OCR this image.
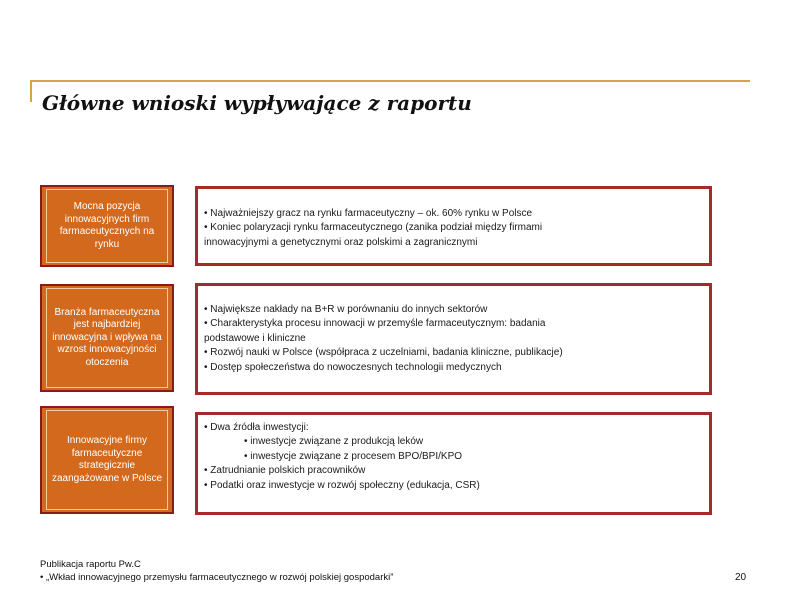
Główne wnioski wypływające z raportu
Mocna pozycja innowacyjnych firm farmaceutycznych na rynku
• Najważniejszy gracz na rynku farmaceutyczny – ok. 60% rynku w Polsce
• Koniec polaryzacji rynku farmaceutycznego (zanika podział między firmami
innowacyjnymi a genetycznymi oraz polskimi a zagranicznymi
Branża farmaceutyczna jest najbardziej innowacyjna i wpływa na wzrost innowacyjności otoczenia
• Największe nakłady na B+R w porównaniu do innych sektorów
• Charakterystyka procesu innowacji w przemyśle farmaceutycznym: badania
podstawowe i kliniczne
• Rozwój nauki w Polsce (współpraca z uczelniami, badania kliniczne, publikacje)
• Dostęp społeczeństwa do nowoczesnych technologii medycznych
Innowacyjne firmy farmaceutyczne strategicznie zaangażowane w Polsce
• Dwa źródła inwestycji:
• inwestycje związane z produkcją leków
• inwestycje związane z procesem BPO/BPI/KPO
• Zatrudnianie polskich pracowników
• Podatki oraz inwestycje w rozwój społeczny (edukacja, CSR)
Publikacja raportu Pw.C
• „Wkład innowacyjnego przemysłu farmaceutycznego w rozwój polskiej gospodarki”	20
